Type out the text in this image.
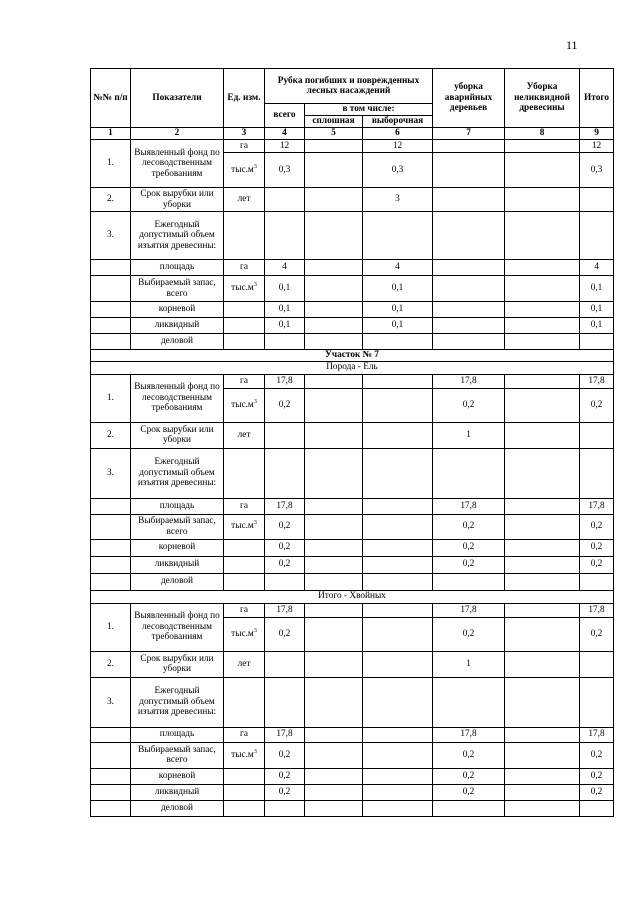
11
№№ п/п	Показатели	Ед. изм.	Рубка погибших и поврежденных лесных насаждений			уборка аварийных деревьев	Уборка неликвидной древесины	Итого
			всего	в том числе:				
				сплошная	выборочная			
1	2	3	4	5	6	7	8	9
1.	Выявленный фонд по лесоводственным требованиям	га	12		12			12
		$тыс.м^3$	0,3		0,3			0,3
2.	Срок вырубки или уборки	лет			3			
3.	Ежегодный допустимый объем изъятия древесины:							
	площадь	га	4		4			4
	Выбираемый запас, всего	$тыс.м^3$	0,1		0,1			0,1
	корневой		0,1		0,1			0,1
	ликвидный		0,1		0,1			0,1
	деловой							
Участок № 7								
Порода - Ель								
1.	Выявленный фонд по лесоводственным требованиям	га	17,8			17,8		17,8
		$тыс.м^3$	0,2			0,2		0,2
2.	Срок вырубки или уборки	лет				1		
3.	Ежегодный допустимый объем изъятия древесины:							
	площадь	га	17,8			17,8		17,8
	Выбираемый запас, всего	$тыс.м^3$	0,2			0,2		0,2
	корневой		0,2			0,2		0,2
	ликвидный		0,2			0,2		0,2
	деловой							
Итого - Хвойных								
1.	Выявленный фонд по лесоводственным требованиям	га	17,8			17,8		17,8
		$тыс.м^3$	0,2			0,2		0,2
2.	Срок вырубки или уборки	лет				1		
3.	Ежегодный допустимый объем изъятия древесины:							
	площадь	га	17,8			17,8		17,8
	Выбираемый запас, всего	$тыс.м^3$	0,2			0,2		0,2
	корневой		0,2			0,2		0,2
	ликвидный		0,2			0,2		0,2
	деловой							
